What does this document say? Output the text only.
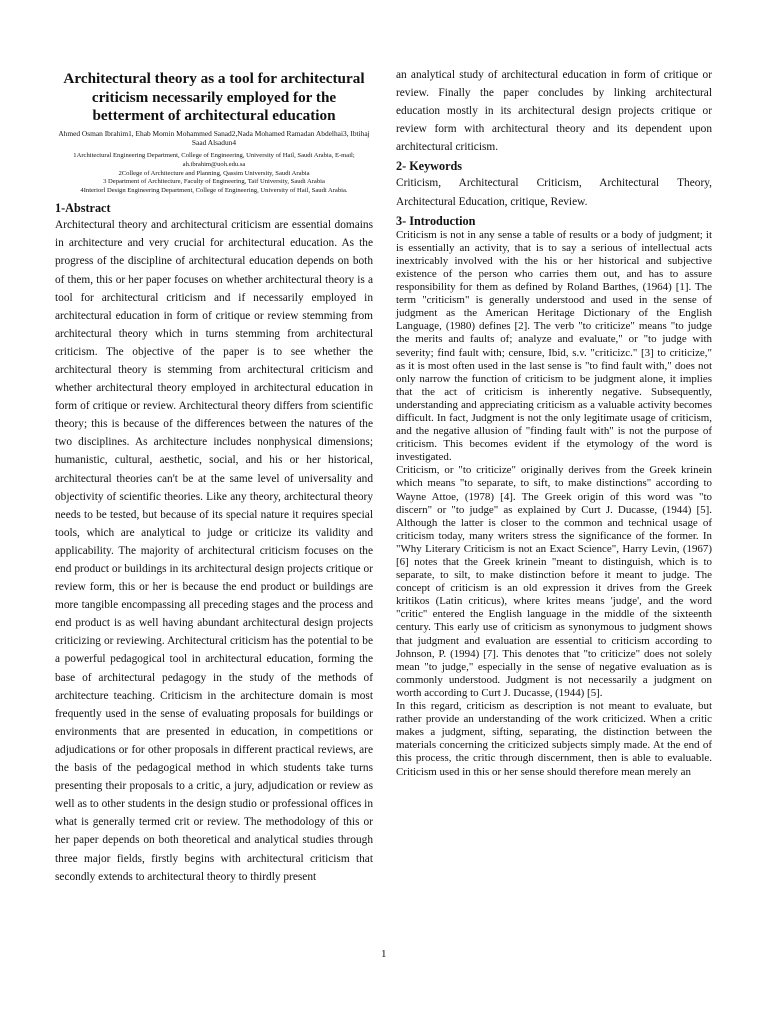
Architectural theory as a tool for architectural criticism necessarily employed for the betterment of architectural education
Ahmed Osman Ibrahim1, Ehab Momin Mohammed Sanad2,Nada Mohamed Ramadan Abdelhai3, Ibtihaj Saad Alsadun4

1Architectural Engineering Department, College of Engineering, University of Hail, Saudi Arabia, E-mail; ah.ibrahim@uoh.edu.sa

2College of Architecture and Planning, Qassim University, Saudi Arabia

3 Department of Architecture, Faculty of Engineering, Taif University, Saudi Arabia

4Interiorl Design Engineering Department, College of Engineering, University of Hail, Saudi Arabia.

1-Abstract

Architectural theory and architectural criticism are essential domains in architecture and very crucial for architectural education. As the progress of the discipline of architectural education depends on both of them, this or her paper focuses on whether architectural theory is a tool for architectural criticism and if necessarily employed in architectural education in form of critique or review stemming from architectural theory which in turns stemming from architectural criticism. The objective of the paper is to see whether the architectural theory is stemming from architectural criticism and whether architectural theory employed in architectural education in form of critique or review. Architectural theory differs from scientific theory; this is because of the differences between the natures of the two disciplines. As architecture includes nonphysical dimensions; humanistic, cultural, aesthetic, social, and his or her historical, architectural theories can't be at the same level of universality and objectivity of scientific theories. Like any theory, architectural theory needs to be tested, but because of its special nature it requires special tools, which are analytical to judge or criticize its validity and applicability. The majority of architectural criticism focuses on the end product or buildings in its architectural design projects critique or review form, this or her is because the end product or buildings are more tangible encompassing all preceding stages and the process and end product is as well having abundant architectural design projects criticizing or reviewing. Architectural criticism has the potential to be a powerful pedagogical tool in architectural education, forming the base of architectural pedagogy in the study of the methods of architecture teaching. Criticism in the architecture domain is most frequently used in the sense of evaluating proposals for buildings or environments that are presented in education, in competitions or adjudications or for other proposals in different practical reviews, are the basis of the pedagogical method in which students take turns presenting their proposals to a critic, a jury, adjudication or review as well as to other students in the design studio or professional offices in what is generally termed crit or review. The methodology of this or her paper depends on both theoretical and analytical studies through three major fields, firstly begins with architectural criticism that secondly extends to architectural theory to thirdly present

an analytical study of architectural education in form of critique or review. Finally the paper concludes by linking architectural education mostly in its architectural design projects critique or review form with architectural theory and its dependent upon architectural criticism.

2- Keywords

Criticism, Architectural Criticism, Architectural Theory, Architectural Education, critique, Review.

3- Introduction

Criticism is not in any sense a table of results or a body of judgment; it is essentially an activity, that is to say a serious of intellectual acts inextricably involved with the his or her historical and subjective existence of the person who carries them out, and has to assure responsibility for them as defined by Roland Barthes, (1964) [1]. The term "criticism" is generally understood and used in the sense of judgment as the American Heritage Dictionary of the English Language, (1980) defines [2]. The verb "to criticize" means "to judge the merits and faults of; analyze and evaluate," or "to judge with severity; find fault with; censure, Ibid, s.v. "criticizc." [3] to criticize," as it is most often used in the last sense is "to find fault with," does not only narrow the function of criticism to be judgment alone, it implies that the act of criticism is inherently negative. Subsequently, understanding and appreciating criticism as a valuable activity becomes difficult. In fact, Judgment is not the only legitimate usage of criticism, and the negative allusion of "finding fault with" is not the purpose of criticism. This becomes evident if the etymology of the word is investigated.

Criticism, or "to criticize" originally derives from the Greek krinein which means "to separate, to sift, to make distinctions" according to Wayne Attoe, (1978) [4]. The Greek origin of this word was "to discern" or "to judge" as explained by Curt J. Ducasse, (1944) [5]. Although the latter is closer to the common and technical usage of criticism today, many writers stress the significance of the former. In "Why Literary Criticism is not an Exact Science", Harry Levin, (1967) [6] notes that the Greek krinein "meant to distinguish, which is to separate, to silt, to make distinction before it meant to judge. The concept of criticism is an old expression it drives from the Greek kritikos (Latin criticus), where krites means 'judge', and the word "critic" entered the English language in the middle of the sixteenth century. This early use of criticism as synonymous to judgment shows that judgment and evaluation are essential to criticism according to Johnson, P. (1994) [7]. This denotes that "to criticize" does not solely mean "to judge," especially in the sense of negative evaluation as is commonly understood. Judgment is not necessarily a judgment on worth according to Curt J. Ducasse, (1944) [5].

In this regard, criticism as description is not meant to evaluate, but rather provide an understanding of the work criticized. When a critic makes a judgment, sifting, separating, the distinction between the materials concerning the criticized subjects simply made. At the end of this process, the critic through discernment, then is able to evaluable. Criticism used in this or her sense should therefore mean merely an

1
